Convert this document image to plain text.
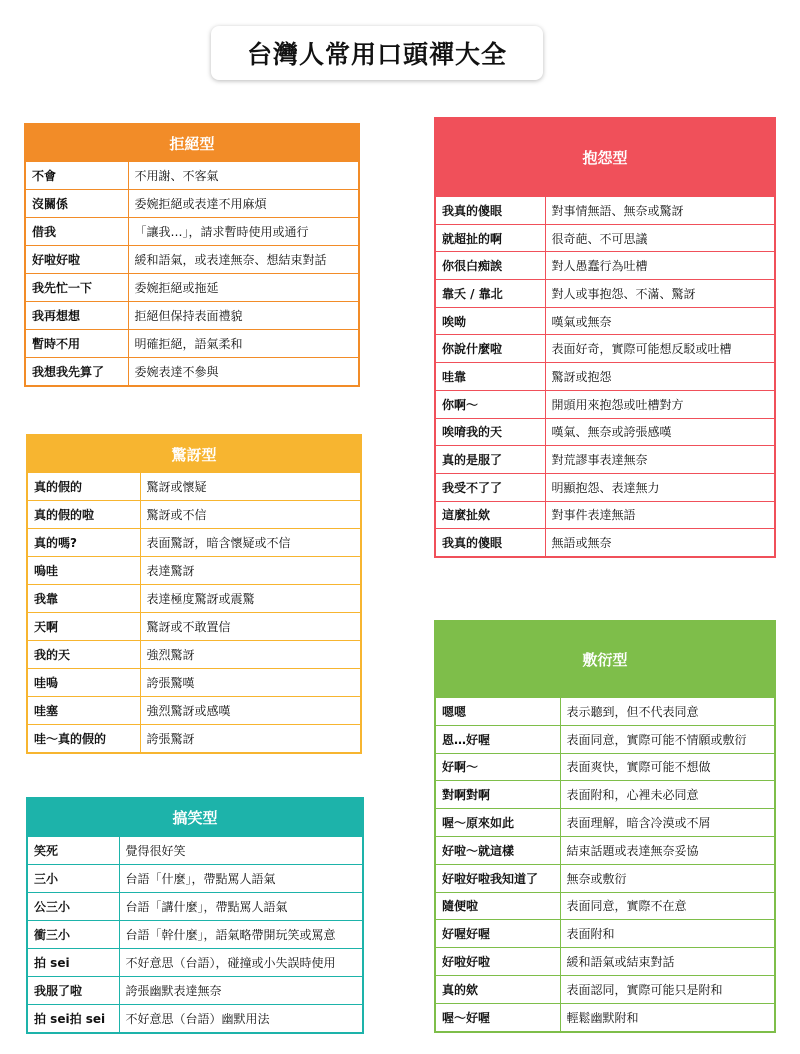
台灣人常用口頭禪大全
拒絕型
不會	不用謝、不客氣
沒關係	委婉拒絕或表達不用麻煩
借我	「讓我…」，請求暫時使用或通行
好啦好啦	緩和語氣，或表達無奈、想結束對話
我先忙一下	委婉拒絕或拖延
我再想想	拒絕但保持表面禮貌
暫時不用	明確拒絕，語氣柔和
我想我先算了	委婉表達不參與
驚訝型
真的假的	驚訝或懷疑
真的假的啦	驚訝或不信
真的嗎?	表面驚訝，暗含懷疑或不信
嗚哇	表達驚訝
我靠	表達極度驚訝或震驚
天啊	驚訝或不敢置信
我的天	強烈驚訝
哇嗚	誇張驚嘆
哇塞	強烈驚訝或感嘆
哇～真的假的	誇張驚訝
搞笑型
笑死	覺得很好笑
三小	台語「什麼」，帶點罵人語氣
公三小	台語「講什麼」，帶點罵人語氣
衝三小	台語「幹什麼」，語氣略帶開玩笑或罵意
拍 sei	不好意思（台語），碰撞或小失誤時使用
我服了啦	誇張幽默表達無奈
拍 sei拍 sei	不好意思（台語）幽默用法
抱怨型
我真的傻眼	對事情無語、無奈或驚訝
就超扯的啊	很奇葩、不可思議
你很白痴誒	對人愚蠢行為吐槽
靠夭 / 靠北	對人或事抱怨、不滿、驚訝
唉呦	嘆氣或無奈
你說什麼啦	表面好奇，實際可能想反駁或吐槽
哇靠	驚訝或抱怨
你啊～	開頭用來抱怨或吐槽對方
唉唷我的天	嘆氣、無奈或誇張感嘆
真的是服了	對荒謬事表達無奈
我受不了了	明顯抱怨、表達無力
這麼扯欸	對事件表達無語
我真的傻眼	無語或無奈
敷衍型
嗯嗯	表示聽到，但不代表同意
恩…好喔	表面同意，實際可能不情願或敷衍
好啊～	表面爽快，實際可能不想做
對啊對啊	表面附和，心裡未必同意
喔～原來如此	表面理解，暗含冷漠或不屑
好啦～就這樣	結束話題或表達無奈妥協
好啦好啦我知道了	無奈或敷衍
隨便啦	表面同意，實際不在意
好喔好喔	表面附和
好啦好啦	緩和語氣或結束對話
真的欸	表面認同，實際可能只是附和
喔～好喔	輕鬆幽默附和
